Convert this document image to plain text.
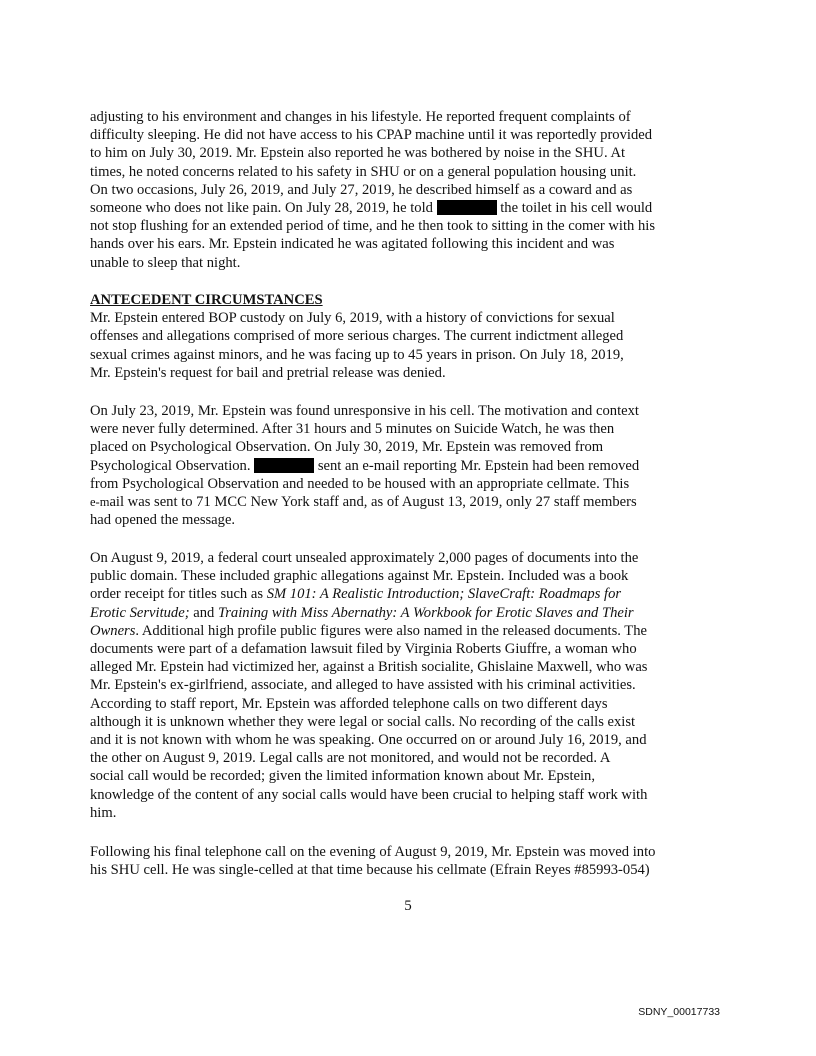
adjusting to his environment and changes in his lifestyle. He reported frequent complaints of
difficulty sleeping. He did not have access to his CPAP machine until it was reportedly provided
to him on July 30, 2019. Mr. Epstein also reported he was bothered by noise in the SHU. At
times, he noted concerns related to his safety in SHU or on a general population housing unit.
On two occasions, July 26, 2019, and July 27, 2019, he described himself as a coward and as
someone who does not like pain. On July 28, 2019, he told	the toilet in his cell would
not stop flushing for an extended period of time, and he then took to sitting in the comer with his
hands over his ears. Mr. Epstein indicated he was agitated following this incident and was
unable to sleep that night.
ANTECEDENT CIRCUMSTANCES
Mr. Epstein entered BOP custody on July 6, 2019, with a history of convictions for sexual
offenses and allegations comprised of more serious charges. The current indictment alleged
sexual crimes against minors, and he was facing up to 45 years in prison. On July 18, 2019,
Mr. Epstein's request for bail and pretrial release was denied.
On July 23, 2019, Mr. Epstein was found unresponsive in his cell. The motivation and context
were never fully determined. After 31 hours and 5 minutes on Suicide Watch, he was then
placed on Psychological Observation. On July 30, 2019, Mr. Epstein was removed from
Psychological Observation.	sent an e-mail reporting Mr. Epstein had been removed
from Psychological Observation and needed to be housed with an appropriate cellmate. This
e-mail was sent to 71 MCC New York staff and, as of August 13, 2019, only 27 staff members
had opened the message.
On August 9, 2019, a federal court unsealed approximately 2,000 pages of documents into the
public domain. These included graphic allegations against Mr. Epstein. Included was a book
order receipt for titles such as SM 101: A Realistic Introduction; SlaveCraft: Roadmaps for
Erotic Servitude; and Training with Miss Abernathy: A Workbook for Erotic Slaves and Their
Owners. Additional high profile public figures were also named in the released documents. The
documents were part of a defamation lawsuit filed by Virginia Roberts Giuffre, a woman who
alleged Mr. Epstein had victimized her, against a British socialite, Ghislaine Maxwell, who was
Mr. Epstein's ex-girlfriend, associate, and alleged to have assisted with his criminal activities.
According to staff report, Mr. Epstein was afforded telephone calls on two different days
although it is unknown whether they were legal or social calls. No recording of the calls exist
and it is not known with whom he was speaking. One occurred on or around July 16, 2019, and
the other on August 9, 2019. Legal calls are not monitored, and would not be recorded. A
social call would be recorded; given the limited information known about Mr. Epstein,
knowledge of the content of any social calls would have been crucial to helping staff work with
him.
Following his final telephone call on the evening of August 9, 2019, Mr. Epstein was moved into
his SHU cell. He was single-celled at that time because his cellmate (Efrain Reyes #85993-054)
5
SDNY_00017733
